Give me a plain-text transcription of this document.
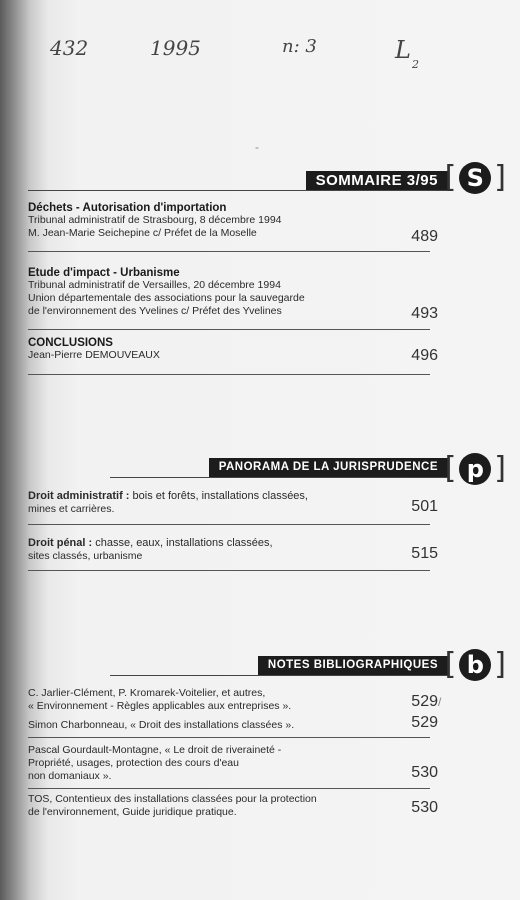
432	1995	n: 3	L
2
SOMMAIRE 3/95 [ S ]
Déchets - Autorisation d'importation
Tribunal administratif de Strasbourg, 8 décembre 1994
M. Jean-Marie Seichepine c/ Préfet de la Moselle	489
Etude d'impact - Urbanisme
Tribunal administratif de Versailles, 20 décembre 1994
Union départementale des associations pour la sauvegarde
de l'environnement des Yvelines c/ Préfet des Yvelines	493
CONCLUSIONS
Jean-Pierre DEMOUVEAUX	496
PANORAMA DE LA JURISPRUDENCE [ p ]
Droit administratif : bois et forêts, installations classées,
mines et carrières.	501
Droit pénal : chasse, eaux, installations classées,
sites classés, urbanisme	515
NOTES BIBLIOGRAPHIQUES [ b ]
C. Jarlier-Clément, P. Kromarek-Voitelier, et autres,
« Environnement - Règles applicables aux entreprises ».	529
Simon Charbonneau, « Droit des installations classées ».	529
Pascal Gourdault-Montagne, « Le droit de riveraineté -
Propriété, usages, protection des cours d'eau
non domaniaux ».	530
TOS, Contentieux des installations classées pour la protection
de l'environnement, Guide juridique pratique.	530
-
/
